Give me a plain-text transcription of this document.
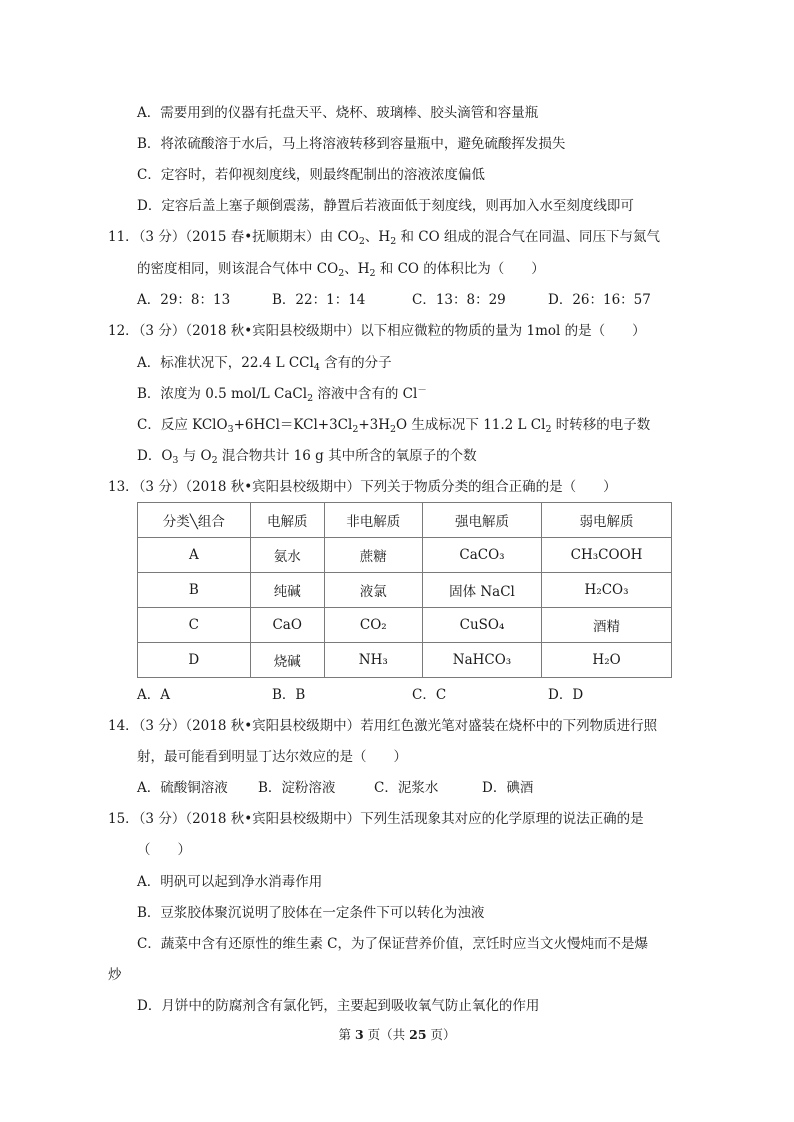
A．需要用到的仪器有托盘天平、烧杯、玻璃棒、胶头滴管和容量瓶
B．将浓硫酸溶于水后，马上将溶液转移到容量瓶中，避免硫酸挥发损失
C．定容时，若仰视刻度线，则最终配制出的溶液浓度偏低
D．定容后盖上塞子颠倒震荡，静置后若液面低于刻度线，则再加入水至刻度线即可
11．（3 分）（2015 春•抚顺期末）由 $CO_2$、$H_2$ 和 CO 组成的混合气在同温、同压下与氮气
的密度相同，则该混合气体中 $CO_2$、$H_2$ 和 CO 的体积比为（　　）
A．29：8：13	B．22：1：14	C．13：8：29	D．26：16：57
12．（3 分）（2018 秋•宾阳县校级期中）以下相应微粒的物质的量为 1mol 的是（　　）
A．标准状况下，22.4 L CCl$_4$ 含有的分子
B．浓度为 0.5 mol/L CaCl$_2$ 溶液中含有的 Cl－
C．反应 $KClO_3+6HCl=KCl+3Cl_2+3H_2O$ 生成标况下 11.2 L $Cl_2$ 时转移的电子数
D．$O_3$ 与 $O_2$ 混合物共计 16 g 其中所含的氧原子的个数
13．（3 分）（2018 秋•宾阳县校级期中）下列关于物质分类的组合正确的是（　　）
分类╲组合	电解质	非电解质	强电解质	弱电解质
A	氨水	蔗糖	CaCO₃	CH₃COOH
B	纯碱	液氯	固体 NaCl	H₂CO₃
C	CaO	CO₂	CuSO₄	酒精
D	烧碱	NH₃	NaHCO₃	H₂O
A．A	B．B	C．C	D．D
14．（3 分）（2018 秋•宾阳县校级期中）若用红色激光笔对盛装在烧杯中的下列物质进行照
射，最可能看到明显丁达尔效应的是（　　）
A．硫酸铜溶液 B．淀粉溶液	C．泥浆水	D．碘酒
15．（3 分）（2018 秋•宾阳县校级期中）下列生活现象其对应的化学原理的说法正确的是
（　　）
A．明矾可以起到净水消毒作用
B．豆浆胶体聚沉说明了胶体在一定条件下可以转化为浊液
C．蔬菜中含有还原性的维生素 C，为了保证营养价值，烹饪时应当文火慢炖而不是爆
炒
D．月饼中的防腐剂含有氯化钙，主要起到吸收氧气防止氧化的作用
第 3 页（共 25 页）
